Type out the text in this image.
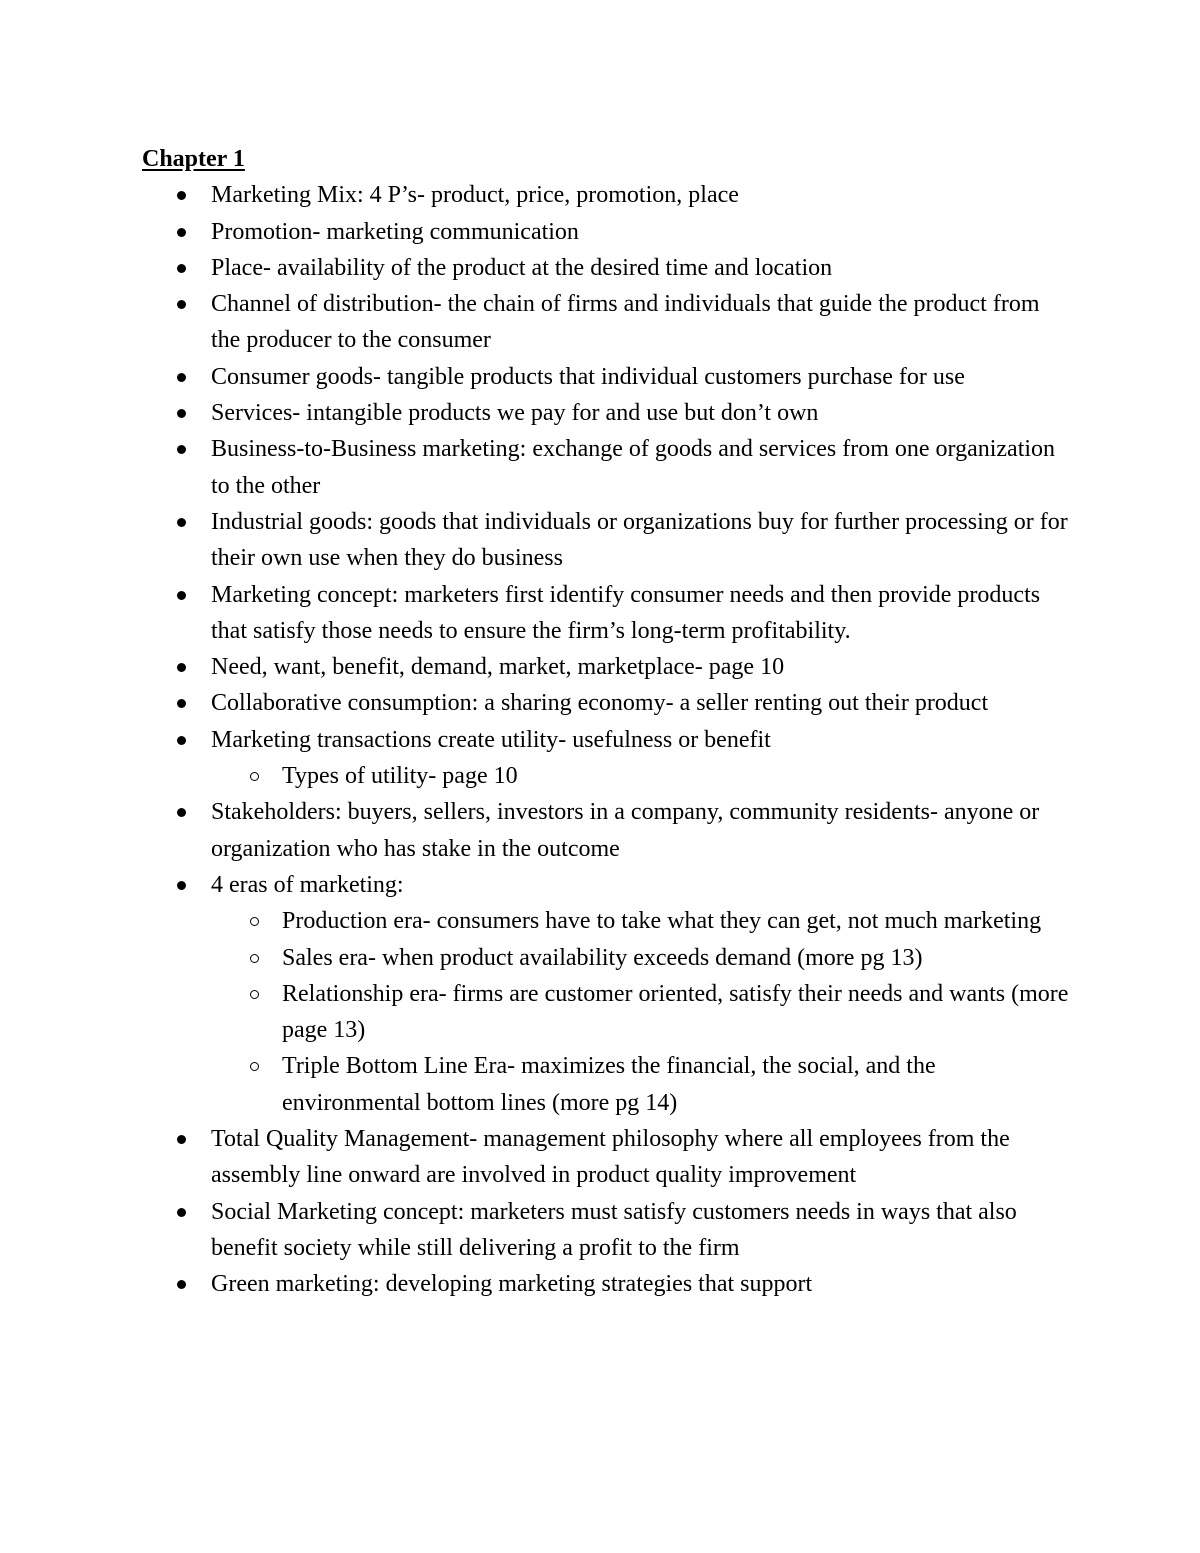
Chapter 1

Marketing Mix: 4 P’s- product, price, promotion, place
Promotion- marketing communication
Place- availability of the product at the desired time and location
Channel of distribution- the chain of firms and individuals that guide the product from the producer to the consumer
Consumer goods- tangible products that individual customers purchase for use
Services- intangible products we pay for and use but don’t own
Business-to-Business marketing: exchange of goods and services from one organization to the other
Industrial goods: goods that individuals or organizations buy for further processing or for their own use when they do business
Marketing concept: marketers first identify consumer needs and then provide products that satisfy those needs to ensure the firm’s long-term profitability.
Need, want, benefit, demand, market, marketplace- page 10
Collaborative consumption: a sharing economy- a seller renting out their product
Marketing transactions create utility- usefulness or benefit
Types of utility- page 10
Stakeholders: buyers, sellers, investors in a company, community residents- anyone or organization who has stake in the outcome
4 eras of marketing:
Production era- consumers have to take what they can get, not much marketing
Sales era- when product availability exceeds demand (more pg 13)
Relationship era- firms are customer oriented, satisfy their needs and wants (more page 13)
Triple Bottom Line Era- maximizes the financial, the social, and the environmental bottom lines (more pg 14)
Total Quality Management- management philosophy where all employees from the assembly line onward are involved in product quality improvement
Social Marketing concept: marketers must satisfy customers needs in ways that also benefit society while still delivering a profit to the firm
Green marketing: developing marketing strategies that support
